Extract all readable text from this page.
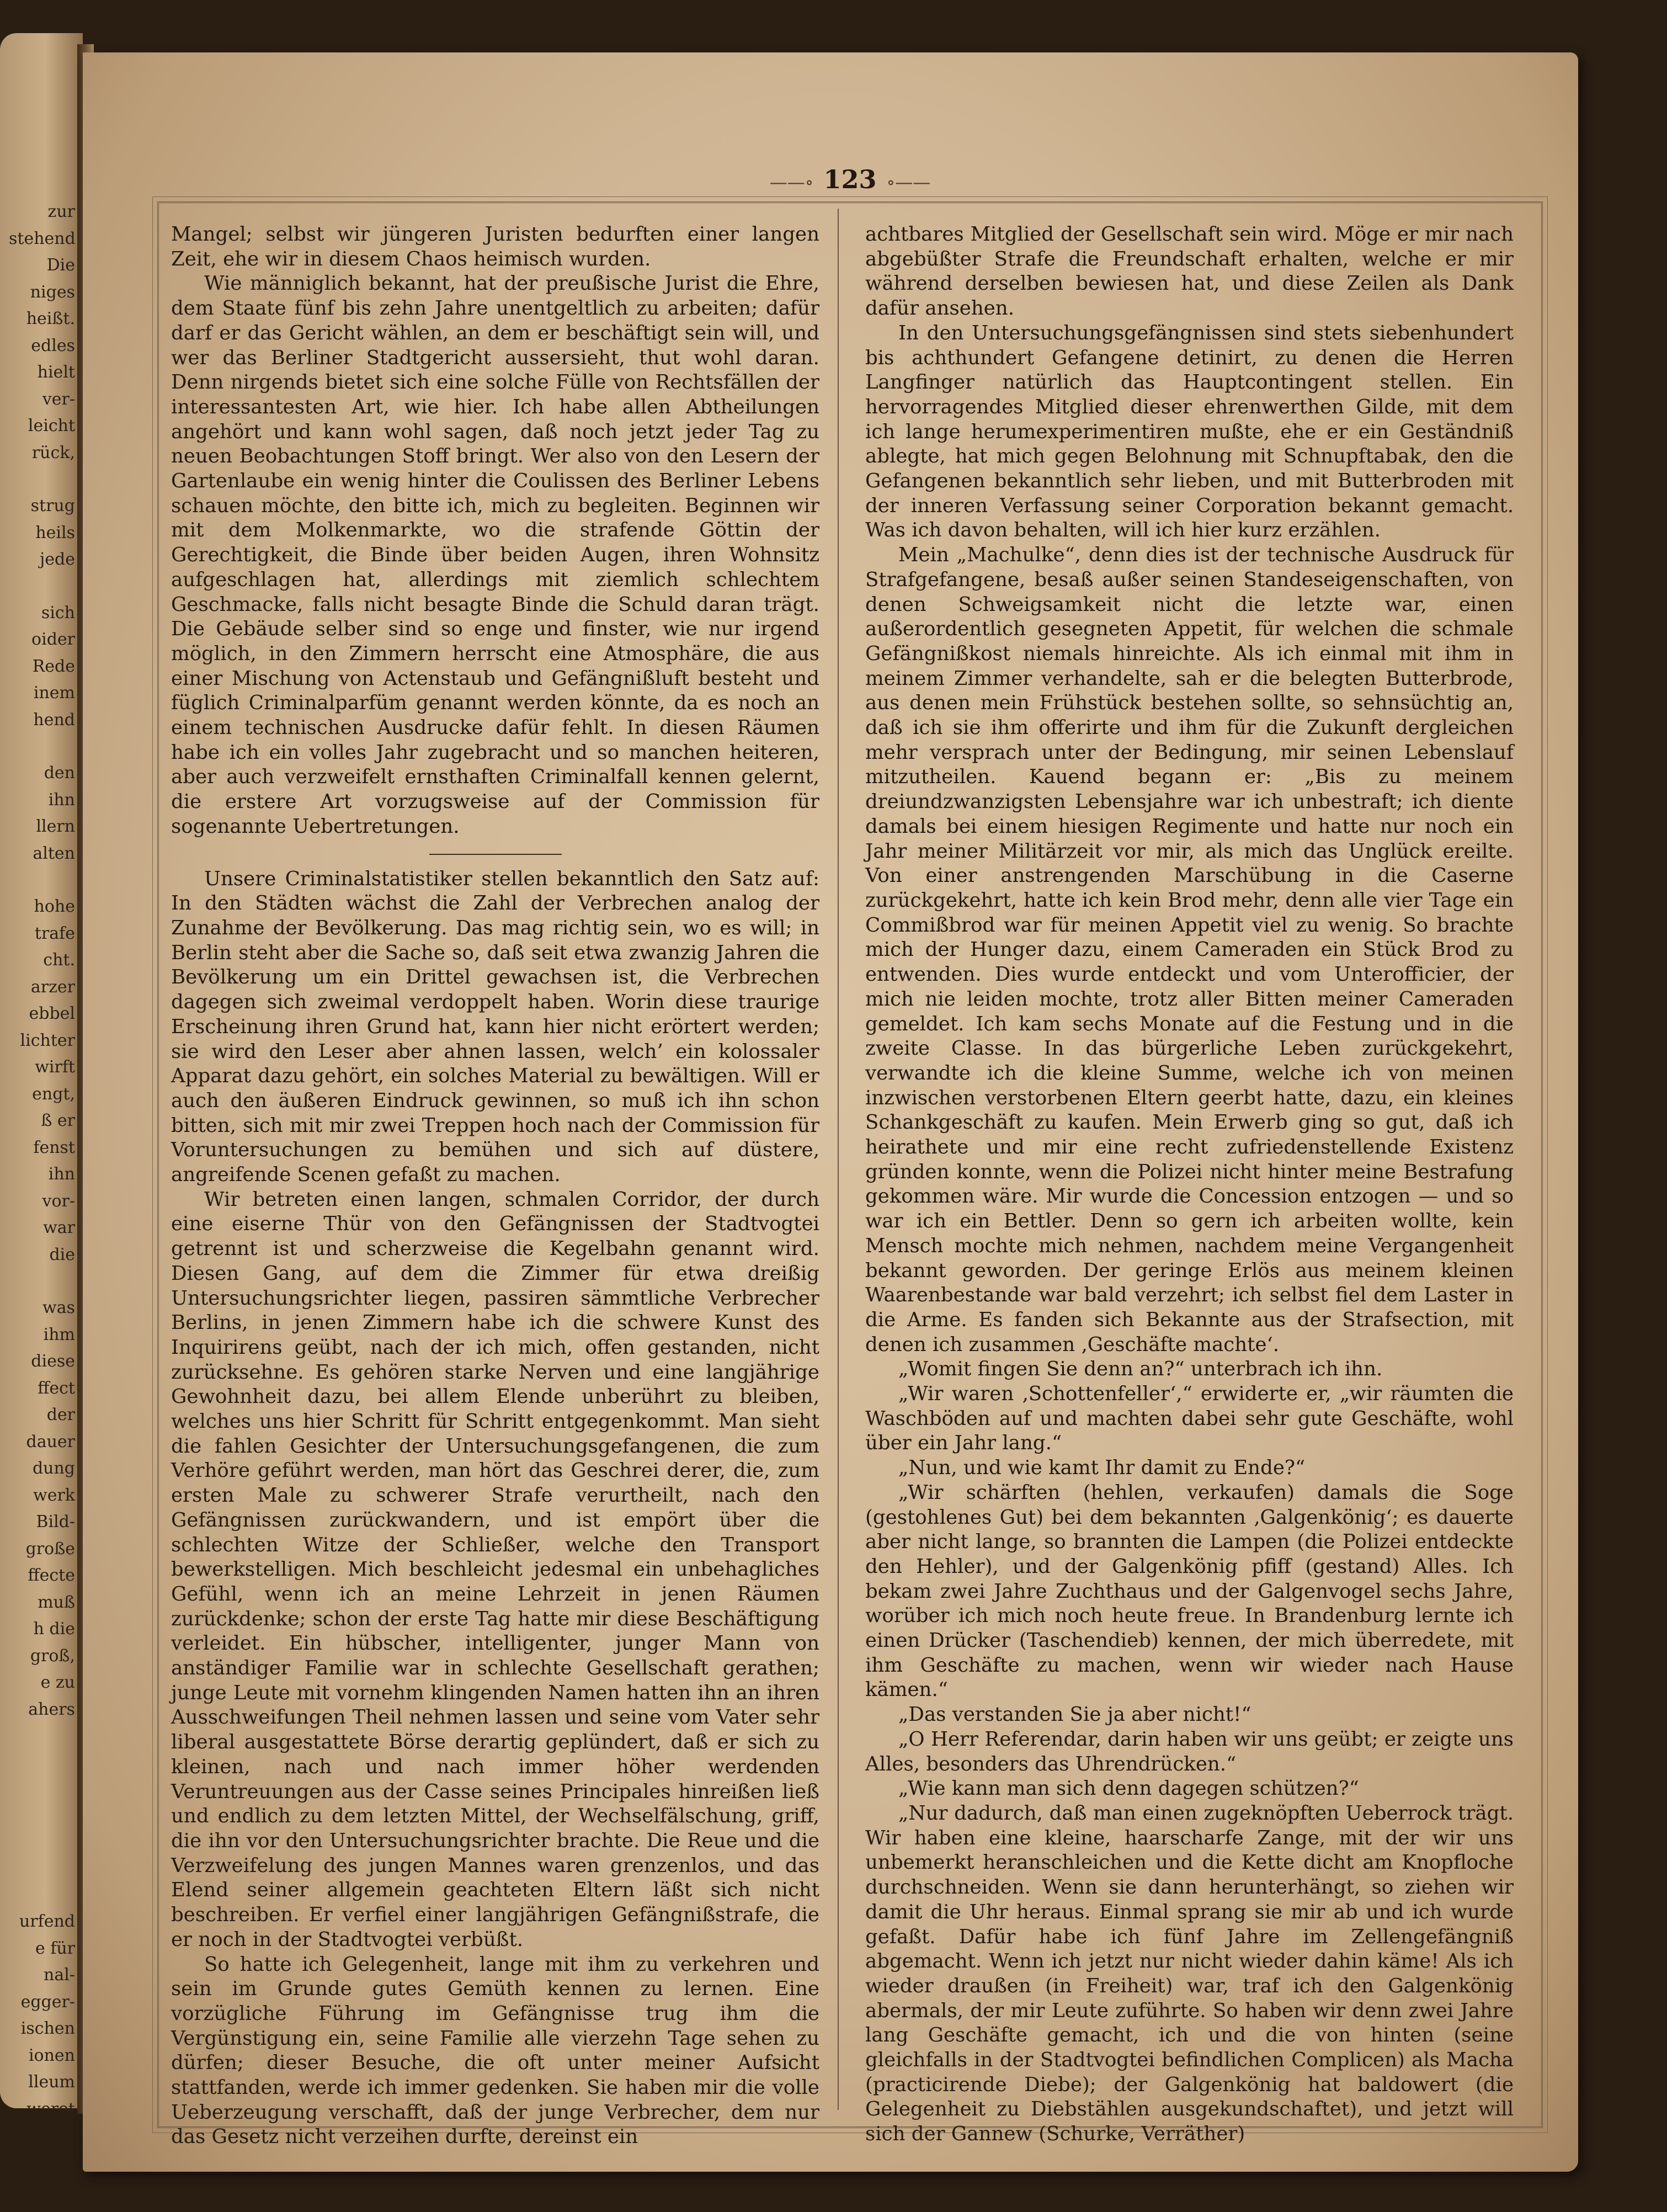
zur
stehend
Die
niges
heißt.
edles
hielt
ver-
leicht
rück,
strug
heils
jede
sich
oider
Rede
inem
hend
den
ihn
llern
alten
hohe
trafe
cht.
arzer
ebbel
lichter
wirft
engt,
ß er
fenst
ihn
vor-
war
die
was
ihm
diese
ffect
der
dauer
dung
werk
Bild-
große
ffecte
muß
h die
groß,
e zu
ahers
urfend
e für
nal-
egger-
ischen
ionen
lleum
weret
——∘ 123 ∘——

Mangel; selbst wir jüngeren Juristen bedurften einer langen Zeit, ehe wir in diesem Chaos heimisch wurden.

Wie männiglich bekannt, hat der preußische Jurist die Ehre, dem Staate fünf bis zehn Jahre unentgeltlich zu arbeiten; dafür darf er das Gericht wählen, an dem er beschäftigt sein will, und wer das Berliner Stadtgericht aussersieht, thut wohl daran. Denn nirgends bietet sich eine solche Fülle von Rechtsfällen der interessantesten Art, wie hier. Ich habe allen Abtheilungen angehört und kann wohl sagen, daß noch jetzt jeder Tag zu neuen Beobachtungen Stoff bringt. Wer also von den Lesern der Gartenlaube ein wenig hinter die Coulissen des Berliner Lebens schauen möchte, den bitte ich, mich zu begleiten. Beginnen wir mit dem Molkenmarkte, wo die strafende Göttin der Gerechtigkeit, die Binde über beiden Augen, ihren Wohnsitz aufgeschlagen hat, allerdings mit ziemlich schlechtem Geschmacke, falls nicht besagte Binde die Schuld daran trägt. Die Gebäude selber sind so enge und finster, wie nur irgend möglich, in den Zimmern herrscht eine Atmosphäre, die aus einer Mischung von Actenstaub und Gefängnißluft besteht und füglich Criminalparfüm genannt werden könnte, da es noch an einem technischen Ausdrucke dafür fehlt. In diesen Räumen habe ich ein volles Jahr zugebracht und so manchen heiteren, aber auch verzweifelt ernsthaften Criminalfall kennen gelernt, die erstere Art vorzugsweise auf der Commission für sogenannte Uebertretungen.

Unsere Criminalstatistiker stellen bekanntlich den Satz auf: In den Städten wächst die Zahl der Verbrechen analog der Zunahme der Bevölkerung. Das mag richtig sein, wo es will; in Berlin steht aber die Sache so, daß seit etwa zwanzig Jahren die Bevölkerung um ein Drittel gewachsen ist, die Verbrechen dagegen sich zweimal verdoppelt haben. Worin diese traurige Erscheinung ihren Grund hat, kann hier nicht erörtert werden; sie wird den Leser aber ahnen lassen, welch’ ein kolossaler Apparat dazu gehört, ein solches Material zu bewältigen. Will er auch den äußeren Eindruck gewinnen, so muß ich ihn schon bitten, sich mit mir zwei Treppen hoch nach der Commission für Voruntersuchungen zu bemühen und sich auf düstere, angreifende Scenen gefaßt zu machen.

Wir betreten einen langen, schmalen Corridor, der durch eine eiserne Thür von den Gefängnissen der Stadtvogtei getrennt ist und scherzweise die Kegelbahn genannt wird. Diesen Gang, auf dem die Zimmer für etwa dreißig Untersuchungsrichter liegen, passiren sämmtliche Verbrecher Berlins, in jenen Zimmern habe ich die schwere Kunst des Inquirirens geübt, nach der ich mich, offen gestanden, nicht zurücksehne. Es gehören starke Nerven und eine langjährige Gewohnheit dazu, bei allem Elende unberührt zu bleiben, welches uns hier Schritt für Schritt entgegenkommt. Man sieht die fahlen Gesichter der Untersuchungsgefangenen, die zum Verhöre geführt werden, man hört das Geschrei derer, die, zum ersten Male zu schwerer Strafe verurtheilt, nach den Gefängnissen zurückwandern, und ist empört über die schlechten Witze der Schließer, welche den Transport bewerkstelligen. Mich beschleicht jedesmal ein unbehagliches Gefühl, wenn ich an meine Lehrzeit in jenen Räumen zurückdenke; schon der erste Tag hatte mir diese Beschäftigung verleidet. Ein hübscher, intelligenter, junger Mann von anständiger Familie war in schlechte Gesellschaft gerathen; junge Leute mit vornehm klingenden Namen hatten ihn an ihren Ausschweifungen Theil nehmen lassen und seine vom Vater sehr liberal ausgestattete Börse derartig geplündert, daß er sich zu kleinen, nach und nach immer höher werdenden Veruntreuungen aus der Casse seines Principales hinreißen ließ und endlich zu dem letzten Mittel, der Wechselfälschung, griff, die ihn vor den Untersuchungsrichter brachte. Die Reue und die Verzweifelung des jungen Mannes waren grenzenlos, und das Elend seiner allgemein geachteten Eltern läßt sich nicht beschreiben. Er verfiel einer langjährigen Gefängnißstrafe, die er noch in der Stadtvogtei verbüßt.

So hatte ich Gelegenheit, lange mit ihm zu verkehren und sein im Grunde gutes Gemüth kennen zu lernen. Eine vorzügliche Führung im Gefängnisse trug ihm die Vergünstigung ein, seine Familie alle vierzehn Tage sehen zu dürfen; dieser Besuche, die oft unter meiner Aufsicht stattfanden, werde ich immer gedenken. Sie haben mir die volle Ueberzeugung verschafft, daß der junge Verbrecher, dem nur das Gesetz nicht verzeihen durfte, dereinst ein

achtbares Mitglied der Gesellschaft sein wird. Möge er mir nach abgebüßter Strafe die Freundschaft erhalten, welche er mir während derselben bewiesen hat, und diese Zeilen als Dank dafür ansehen.

In den Untersuchungsgefängnissen sind stets siebenhundert bis achthundert Gefangene detinirt, zu denen die Herren Langfinger natürlich das Hauptcontingent stellen. Ein hervorragendes Mitglied dieser ehrenwerthen Gilde, mit dem ich lange herumexperimentiren mußte, ehe er ein Geständniß ablegte, hat mich gegen Belohnung mit Schnupftabak, den die Gefangenen bekanntlich sehr lieben, und mit Butterbroden mit der inneren Verfassung seiner Corporation bekannt gemacht. Was ich davon behalten, will ich hier kurz erzählen.

Mein „Machulke“, denn dies ist der technische Ausdruck für Strafgefangene, besaß außer seinen Standeseigenschaften, von denen Schweigsamkeit nicht die letzte war, einen außerordentlich gesegneten Appetit, für welchen die schmale Gefängnißkost niemals hinreichte. Als ich einmal mit ihm in meinem Zimmer verhandelte, sah er die belegten Butterbrode, aus denen mein Frühstück bestehen sollte, so sehnsüchtig an, daß ich sie ihm offerirte und ihm für die Zukunft dergleichen mehr versprach unter der Bedingung, mir seinen Lebenslauf mitzutheilen. Kauend begann er: „Bis zu meinem dreiundzwanzigsten Lebensjahre war ich unbestraft; ich diente damals bei einem hiesigen Regimente und hatte nur noch ein Jahr meiner Militärzeit vor mir, als mich das Unglück ereilte. Von einer anstrengenden Marschübung in die Caserne zurückgekehrt, hatte ich kein Brod mehr, denn alle vier Tage ein Commißbrod war für meinen Appetit viel zu wenig. So brachte mich der Hunger dazu, einem Cameraden ein Stück Brod zu entwenden. Dies wurde entdeckt und vom Unterofficier, der mich nie leiden mochte, trotz aller Bitten meiner Cameraden gemeldet. Ich kam sechs Monate auf die Festung und in die zweite Classe. In das bürgerliche Leben zurückgekehrt, verwandte ich die kleine Summe, welche ich von meinen inzwischen verstorbenen Eltern geerbt hatte, dazu, ein kleines Schankgeschäft zu kaufen. Mein Erwerb ging so gut, daß ich heirathete und mir eine recht zufriedenstellende Existenz gründen konnte, wenn die Polizei nicht hinter meine Bestrafung gekommen wäre. Mir wurde die Concession entzogen — und so war ich ein Bettler. Denn so gern ich arbeiten wollte, kein Mensch mochte mich nehmen, nachdem meine Vergangenheit bekannt geworden. Der geringe Erlös aus meinem kleinen Waarenbestande war bald verzehrt; ich selbst fiel dem Laster in die Arme. Es fanden sich Bekannte aus der Strafsection, mit denen ich zusammen ‚Geschäfte machte‘.

„Womit fingen Sie denn an?“ unterbrach ich ihn.

„Wir waren ‚Schottenfeller‘,“ erwiderte er, „wir räumten die Waschböden auf und machten dabei sehr gute Geschäfte, wohl über ein Jahr lang.“

„Nun, und wie kamt Ihr damit zu Ende?“

„Wir schärften (hehlen, verkaufen) damals die Soge (gestohlenes Gut) bei dem bekannten ‚Galgenkönig‘; es dauerte aber nicht lange, so brannten die Lampen (die Polizei entdeckte den Hehler), und der Galgenkönig pfiff (gestand) Alles. Ich bekam zwei Jahre Zuchthaus und der Galgenvogel sechs Jahre, worüber ich mich noch heute freue. In Brandenburg lernte ich einen Drücker (Taschendieb) kennen, der mich überredete, mit ihm Geschäfte zu machen, wenn wir wieder nach Hause kämen.“

„Das verstanden Sie ja aber nicht!“

„O Herr Referendar, darin haben wir uns geübt; er zeigte uns Alles, besonders das Uhrendrücken.“

„Wie kann man sich denn dagegen schützen?“

„Nur dadurch, daß man einen zugeknöpften Ueberrock trägt. Wir haben eine kleine, haarscharfe Zange, mit der wir uns unbemerkt heranschleichen und die Kette dicht am Knopfloche durchschneiden. Wenn sie dann herunterhängt, so ziehen wir damit die Uhr heraus. Einmal sprang sie mir ab und ich wurde gefaßt. Dafür habe ich fünf Jahre im Zellengefängniß abgemacht. Wenn ich jetzt nur nicht wieder dahin käme! Als ich wieder draußen (in Freiheit) war, traf ich den Galgenkönig abermals, der mir Leute zuführte. So haben wir denn zwei Jahre lang Geschäfte gemacht, ich und die von hinten (seine gleichfalls in der Stadtvogtei befindlichen Complicen) als Macha (practicirende Diebe); der Galgenkönig hat baldowert (die Gelegenheit zu Diebstählen ausgekundschaftet), und jetzt will sich der Gannew (Schurke, Verräther)
